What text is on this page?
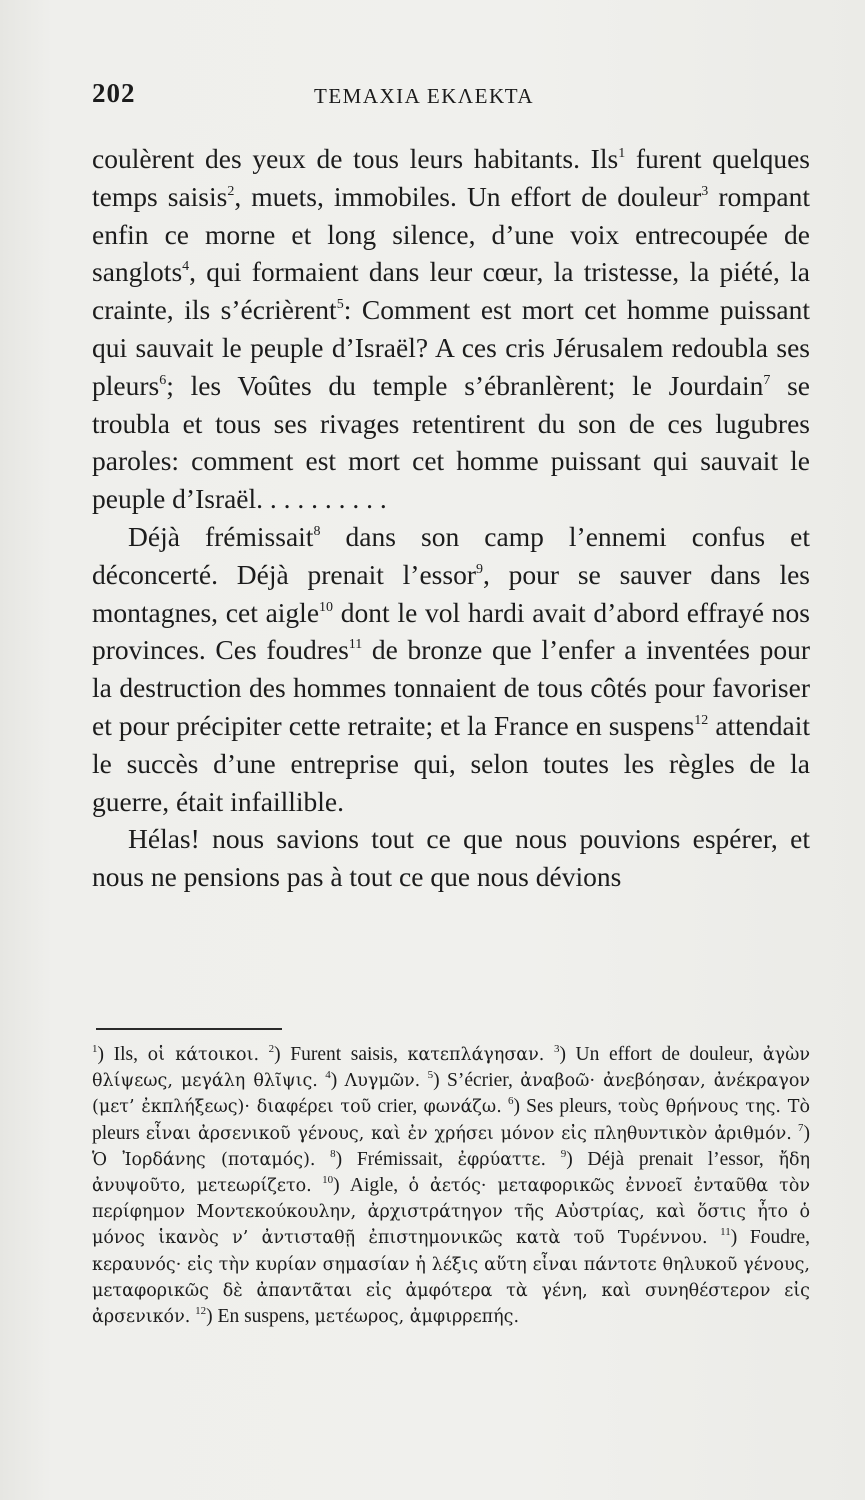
202	ΤΕΜΑΧΙΑ ΕΚΛΕΚΤΑ

coulèrent des yeux de tous leurs habitants. Ils$^1$ furent quelques temps saisis$^2$, muets, immobiles. Un effort de douleur$^3$ rompant enfin ce morne et long silence, d’une voix entrecoupée de sanglots$^4$, qui formaient dans leur cœur, la tristesse, la piété, la crainte, ils s’écrièrent$^5$: Comment est mort cet homme puissant qui sauvait le peuple d’Israël? A ces cris Jérusalem redoubla ses pleurs$^6$; les Voûtes du temple s’ébranlèrent; le Jourdain$^7$ se troubla et tous ses rivages retentirent du son de ces lugubres paroles: comment est mort cet homme puissant qui sauvait le peuple d’Israël. . . . . . . . . .

Déjà frémissait$^8$ dans son camp l’ennemi confus et déconcerté. Déjà prenait l’essor$^9$, pour se sauver dans les montagnes, cet aigle$^{10}$ dont le vol hardi avait d’abord effrayé nos provinces. Ces foudres$^{11}$ de bronze que l’enfer a inventées pour la destruction des hommes tonnaient de tous côtés pour favoriser et pour précipiter cette retraite; et la France en suspens$^{12}$ attendait le succès d’une entreprise qui, selon toutes les règles de la guerre, était infaillible.

Hélas! nous savions tout ce que nous pouvions espérer, et nous ne pensions pas à tout ce que nous dévions

$^1$) Ils, οἱ κάτοικοι. $^2$) Furent saisis, κατεπλάγησαν. $^3$) Un effort de douleur, ἀγὼν θλίψεως, μεγάλη θλῖψις. $^4$) Λυγμῶν. $^5$) S’écrier, ἀναβοῶ· ἀνεβόησαν, ἀνέκραγον (μετ’ ἐκπλήξεως)· διαφέρει τοῦ crier, φωνάζω. $^6$) Ses pleurs, τοὺς θρήνους της. Τὸ pleurs εἶναι ἀρσενικοῦ γένους, καὶ ἐν χρήσει μόνον εἰς πληθυντικὸν ἀριθμόν. $^7$) Ὁ Ἰορδάνης (ποταμός). $^8$) Frémissait, ἐφρύαττε. $^9$) Déjà prenait l’essor, ἤδη ἀνυψοῦτο, μετεωρίζετο. $^{10}$) Aigle, ὁ ἀετός· μεταφορικῶς ἐννοεῖ ἐνταῦθα τὸν περίφημον Μοντεκούκουλην, ἀρχιστράτηγον τῆς Αὐστρίας, καὶ ὅστις ἦτο ὁ μόνος ἱκανὸς ν’ ἀντισταθῇ ἐπιστημονικῶς κατὰ τοῦ Τυρέννου. $^{11}$) Foudre, κεραυνός· εἰς τὴν κυρίαν σημασίαν ἡ λέξις αὕτη εἶναι πάντοτε θηλυκοῦ γένους, μεταφορικῶς δὲ ἀπαντᾶται εἰς ἀμφότερα τὰ γένη, καὶ συνηθέστερον εἰς ἀρσενικόν. $^{12}$) En suspens, μετέωρος, ἀμφιρρεπής.
